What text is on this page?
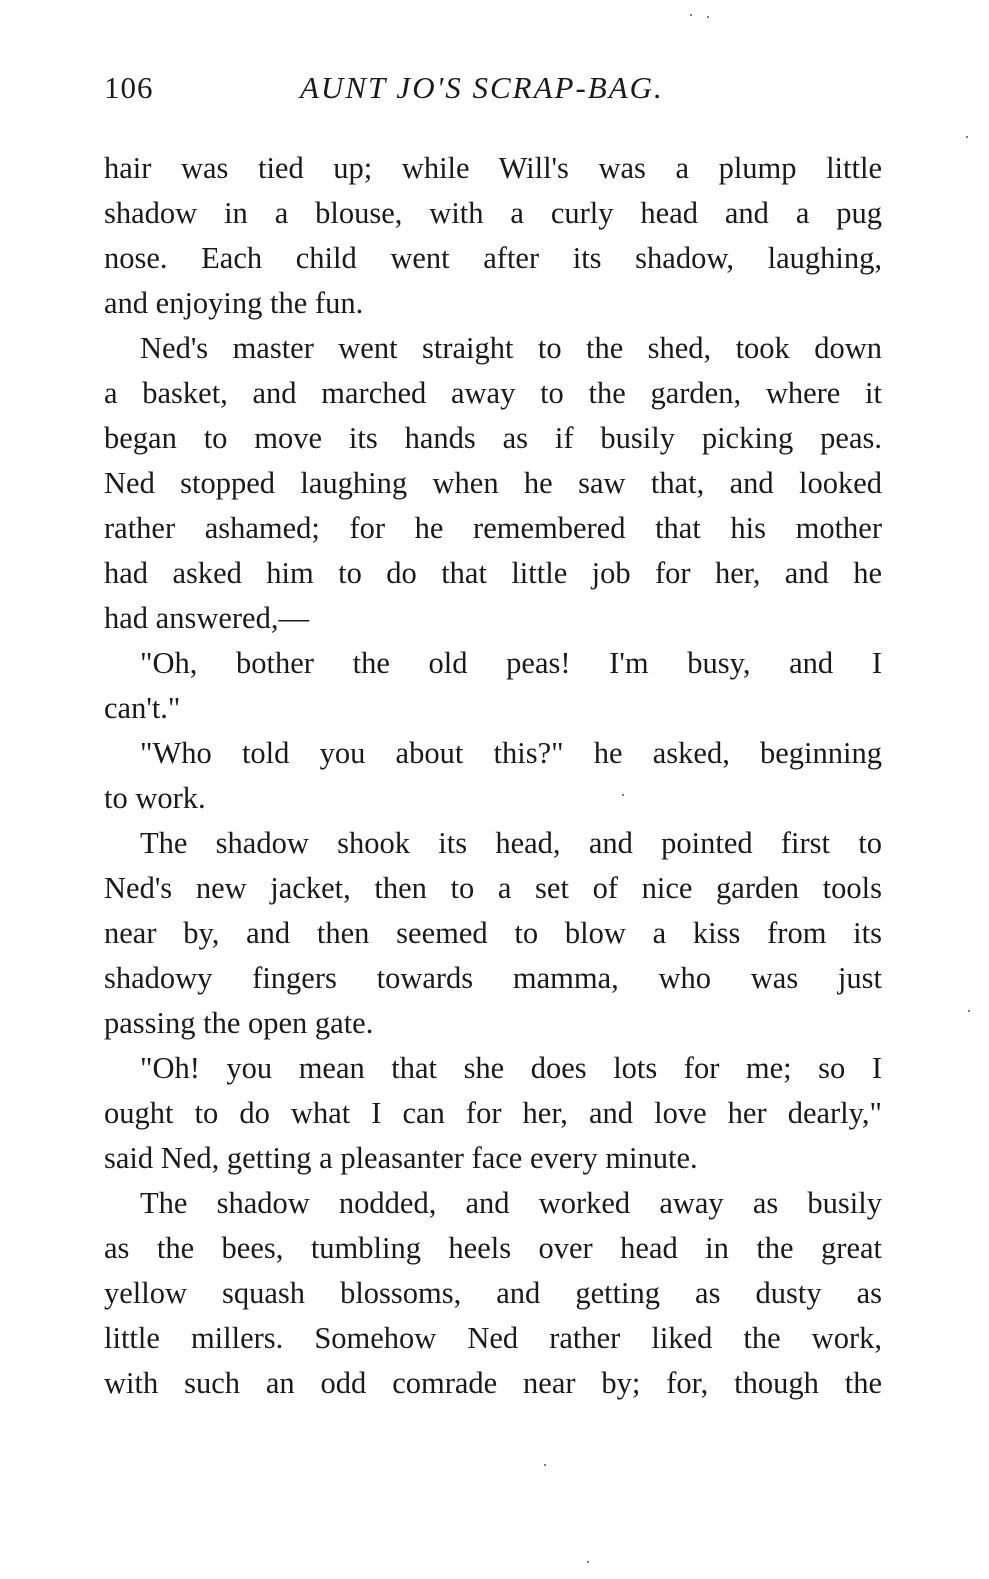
106	AUNT JO'S SCRAP-BAG.
hair was tied up; while Will's was a plump little
shadow in a blouse, with a curly head and a pug
nose. Each child went after its shadow, laughing,
and enjoying the fun.
Ned's master went straight to the shed, took down
a basket, and marched away to the garden, where it
began to move its hands as if busily picking peas.
Ned stopped laughing when he saw that, and looked
rather ashamed; for he remembered that his mother
had asked him to do that little job for her, and he
had answered,—
"Oh, bother the old peas! I'm busy, and I
can't."
"Who told you about this?" he asked, beginning
to work.
The shadow shook its head, and pointed first to
Ned's new jacket, then to a set of nice garden tools
near by, and then seemed to blow a kiss from its
shadowy fingers towards mamma, who was just
passing the open gate.
"Oh! you mean that she does lots for me; so I
ought to do what I can for her, and love her dearly,"
said Ned, getting a pleasanter face every minute.
The shadow nodded, and worked away as busily
as the bees, tumbling heels over head in the great
yellow squash blossoms, and getting as dusty as
little millers. Somehow Ned rather liked the work,
with such an odd comrade near by; for, though the
